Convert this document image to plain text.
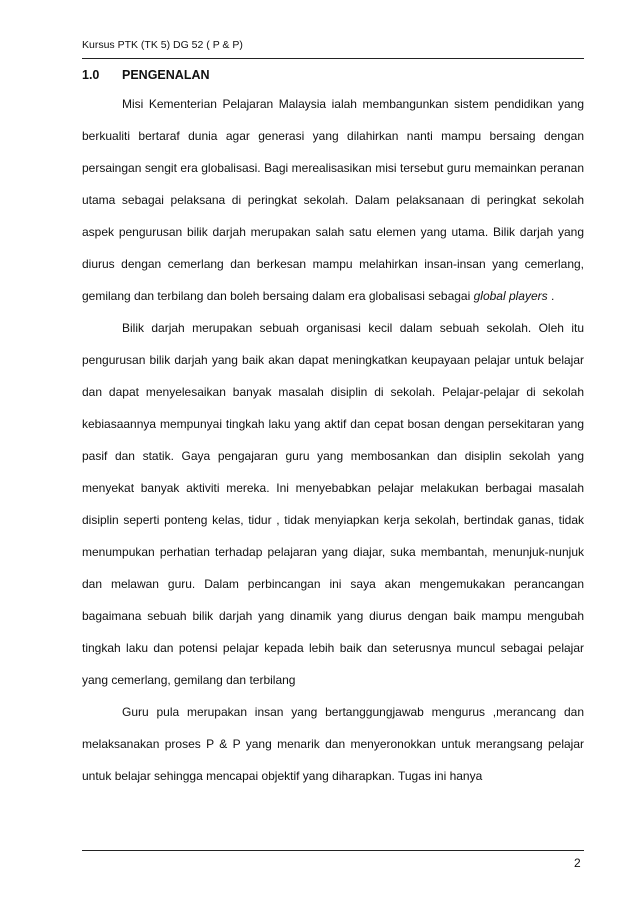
Kursus PTK (TK 5) DG 52 ( P & P)
1.0 PENGENALAN

Misi Kementerian Pelajaran Malaysia ialah membangunkan sistem pendidikan yang berkualiti bertaraf dunia agar generasi yang dilahirkan nanti mampu bersaing dengan persaingan sengit era globalisasi. Bagi merealisasikan misi tersebut guru memainkan peranan utama sebagai pelaksana di peringkat sekolah. Dalam pelaksanaan di peringkat sekolah aspek pengurusan bilik darjah merupakan salah satu elemen yang utama. Bilik darjah yang diurus dengan cemerlang dan berkesan mampu melahirkan insan-insan yang cemerlang, gemilang dan terbilang dan boleh bersaing dalam era globalisasi sebagai global players .

Bilik darjah merupakan sebuah organisasi kecil dalam sebuah sekolah. Oleh itu pengurusan bilik darjah yang baik akan dapat meningkatkan keupayaan pelajar untuk belajar dan dapat menyelesaikan banyak masalah disiplin di sekolah. Pelajar-pelajar di sekolah kebiasaannya mempunyai tingkah laku yang aktif dan cepat bosan dengan persekitaran yang pasif dan statik. Gaya pengajaran guru yang membosankan dan disiplin sekolah yang menyekat banyak aktiviti mereka. Ini menyebabkan pelajar melakukan berbagai masalah disiplin seperti ponteng kelas, tidur , tidak menyiapkan kerja sekolah, bertindak ganas, tidak menumpukan perhatian terhadap pelajaran yang diajar, suka membantah, menunjuk-nunjuk dan melawan guru. Dalam perbincangan ini saya akan mengemukakan perancangan bagaimana sebuah bilik darjah yang dinamik yang diurus dengan baik mampu mengubah tingkah laku dan potensi pelajar kepada lebih baik dan seterusnya muncul sebagai pelajar yang cemerlang, gemilang dan terbilang

Guru pula merupakan insan yang bertanggungjawab mengurus ,merancang dan melaksanakan proses P & P yang menarik dan menyeronokkan untuk merangsang pelajar untuk belajar sehingga mencapai objektif yang diharapkan. Tugas ini hanya

2
